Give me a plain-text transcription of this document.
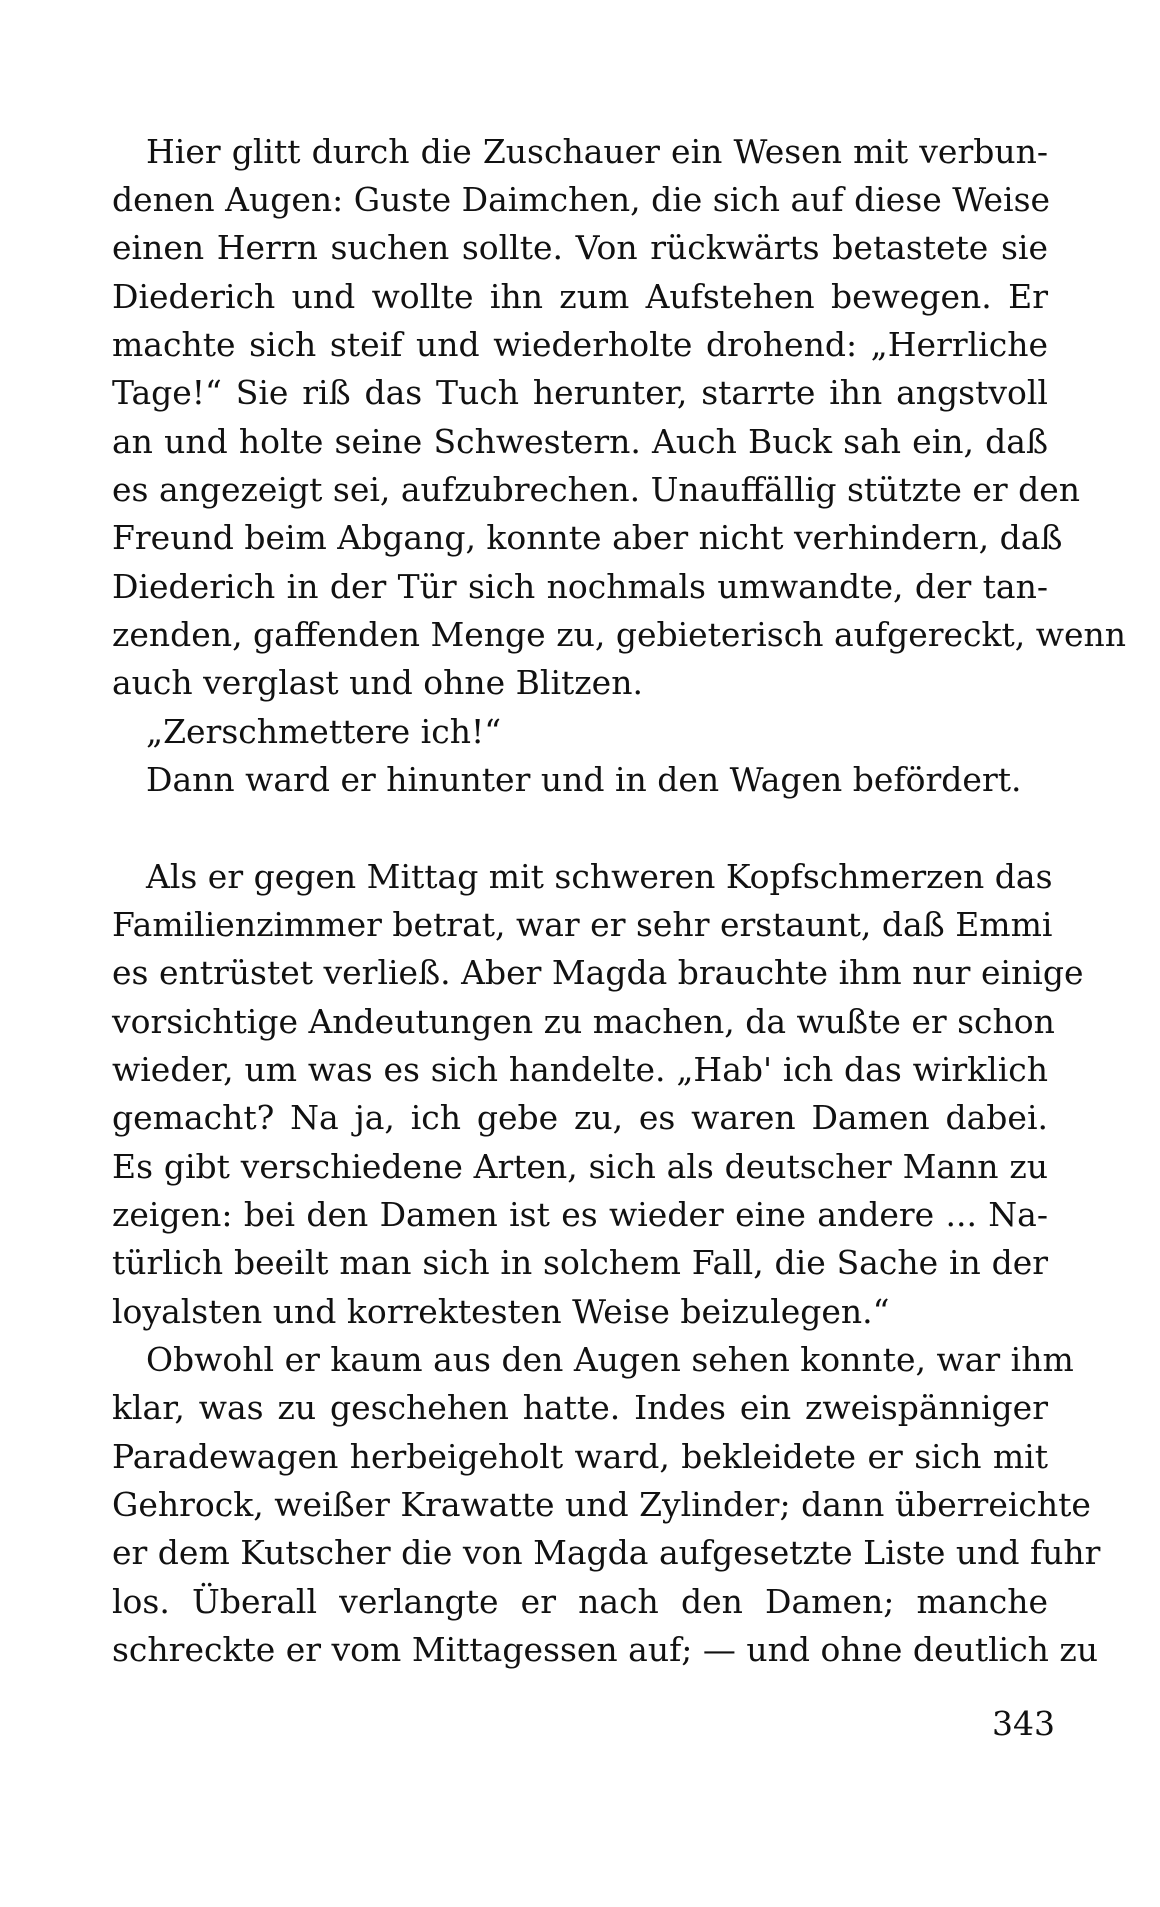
Hier glitt durch die Zuschauer ein Wesen mit verbun-
denen Augen: Guste Daimchen, die sich auf diese Weise
einen Herrn suchen sollte. Von rückwärts betastete sie
Diederich und wollte ihn zum Aufstehen bewegen. Er
machte sich steif und wiederholte drohend: „Herrliche
Tage!“ Sie riß das Tuch herunter, starrte ihn angstvoll
an und holte seine Schwestern. Auch Buck sah ein, daß
es angezeigt sei, aufzubrechen. Unauffällig stützte er den
Freund beim Abgang, konnte aber nicht verhindern, daß
Diederich in der Tür sich nochmals umwandte, der tan-
zenden, gaffenden Menge zu, gebieterisch aufgereckt, wenn
auch verglast und ohne Blitzen.
„Zerschmettere ich!“
Dann ward er hinunter und in den Wagen befördert.
Als er gegen Mittag mit schweren Kopfschmerzen das
Familienzimmer betrat, war er sehr erstaunt, daß Emmi
es entrüstet verließ. Aber Magda brauchte ihm nur einige
vorsichtige Andeutungen zu machen, da wußte er schon
wieder, um was es sich handelte. „Hab' ich das wirklich
gemacht? Na ja, ich gebe zu, es waren Damen dabei.
Es gibt verschiedene Arten, sich als deutscher Mann zu
zeigen: bei den Damen ist es wieder eine andere ... Na-
türlich beeilt man sich in solchem Fall, die Sache in der
loyalsten und korrektesten Weise beizulegen.“
Obwohl er kaum aus den Augen sehen konnte, war ihm
klar, was zu geschehen hatte. Indes ein zweispänniger
Paradewagen herbeigeholt ward, bekleidete er sich mit
Gehrock, weißer Krawatte und Zylinder; dann überreichte
er dem Kutscher die von Magda aufgesetzte Liste und fuhr
los. Überall verlangte er nach den Damen; manche
schreckte er vom Mittagessen auf; — und ohne deutlich zu
343
